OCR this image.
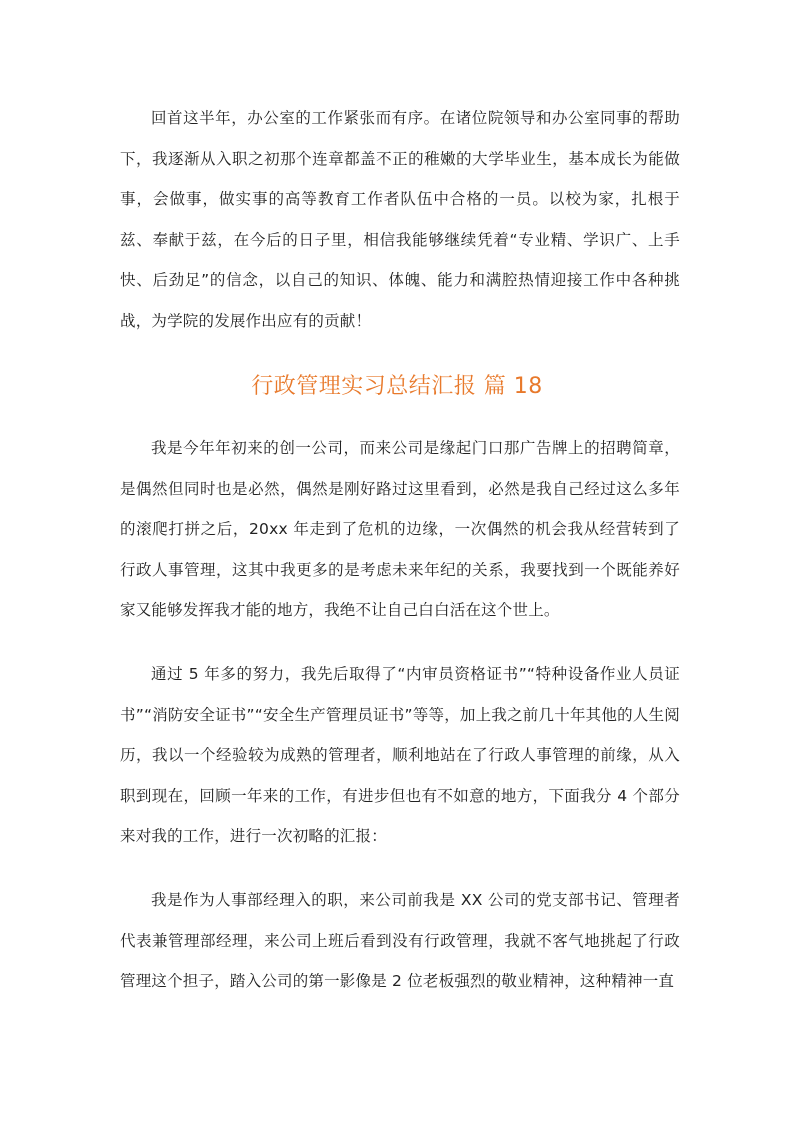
回首这半年，办公室的工作紧张而有序。在诸位院领导和办公室同事的帮助下，我逐渐从入职之初那个连章都盖不正的稚嫩的大学毕业生，基本成长为能做事，会做事，做实事的高等教育工作者队伍中合格的一员。以校为家，扎根于兹、奉献于兹，在今后的日子里，相信我能够继续凭着“专业精、学识广、上手快、后劲足”的信念，以自己的知识、体魄、能力和满腔热情迎接工作中各种挑战，为学院的发展作出应有的贡献！

行政管理实习总结汇报 篇 18

我是今年年初来的创一公司，而来公司是缘起门口那广告牌上的招聘简章，是偶然但同时也是必然，偶然是刚好路过这里看到，必然是我自己经过这么多年的滚爬打拼之后，20xx 年走到了危机的边缘，一次偶然的机会我从经营转到了行政人事管理，这其中我更多的是考虑未来年纪的关系，我要找到一个既能养好家又能够发挥我才能的地方，我绝不让自己白白活在这个世上。

通过 5 年多的努力，我先后取得了“内审员资格证书”“特种设备作业人员证书”“消防安全证书”“安全生产管理员证书”等等，加上我之前几十年其他的人生阅历，我以一个经验较为成熟的管理者，顺利地站在了行政人事管理的前缘，从入职到现在，回顾一年来的工作，有进步但也有不如意的地方，下面我分 4 个部分来对我的工作，进行一次初略的汇报：

我是作为人事部经理入的职，来公司前我是 XX 公司的党支部书记、管理者代表兼管理部经理，来公司上班后看到没有行政管理，我就不客气地挑起了行政管理这个担子，踏入公司的第一影像是 2 位老板强烈的敬业精神，这种精神一直
